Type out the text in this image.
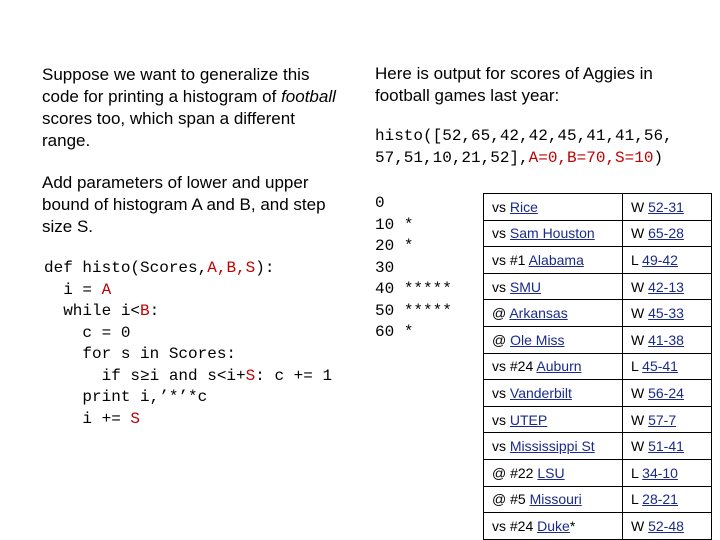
Suppose we want to generalize this code for printing a histogram of football scores too, which span a different range.
Add parameters of lower and upper bound of histogram A and B, and step size S.
def histo(Scores,A,B,S):
i = A
while i<B:
c = 0
for s in Scores:
if s≥i and s<i+S: c += 1
print i,’*’*c
i += S
Here is output for scores of Aggies in football games last year:
histo([52,65,42,42,45,41,41,56,
57,51,10,21,52],A=0,B=70,S=10)
0
10 *
20 *
30
40 *****
50 *****
60 *
vs Rice	W 52-31
vs Sam Houston	W 65-28
vs #1 Alabama	L 49-42
vs SMU	W 42-13
@ Arkansas	W 45-33
@ Ole Miss	W 41-38
vs #24 Auburn	L 45-41
vs Vanderbilt	W 56-24
vs UTEP	W 57-7
vs Mississippi St	W 51-41
@ #22 LSU	L 34-10
@ #5 Missouri	L 28-21
vs #24 Duke*	W 52-48
